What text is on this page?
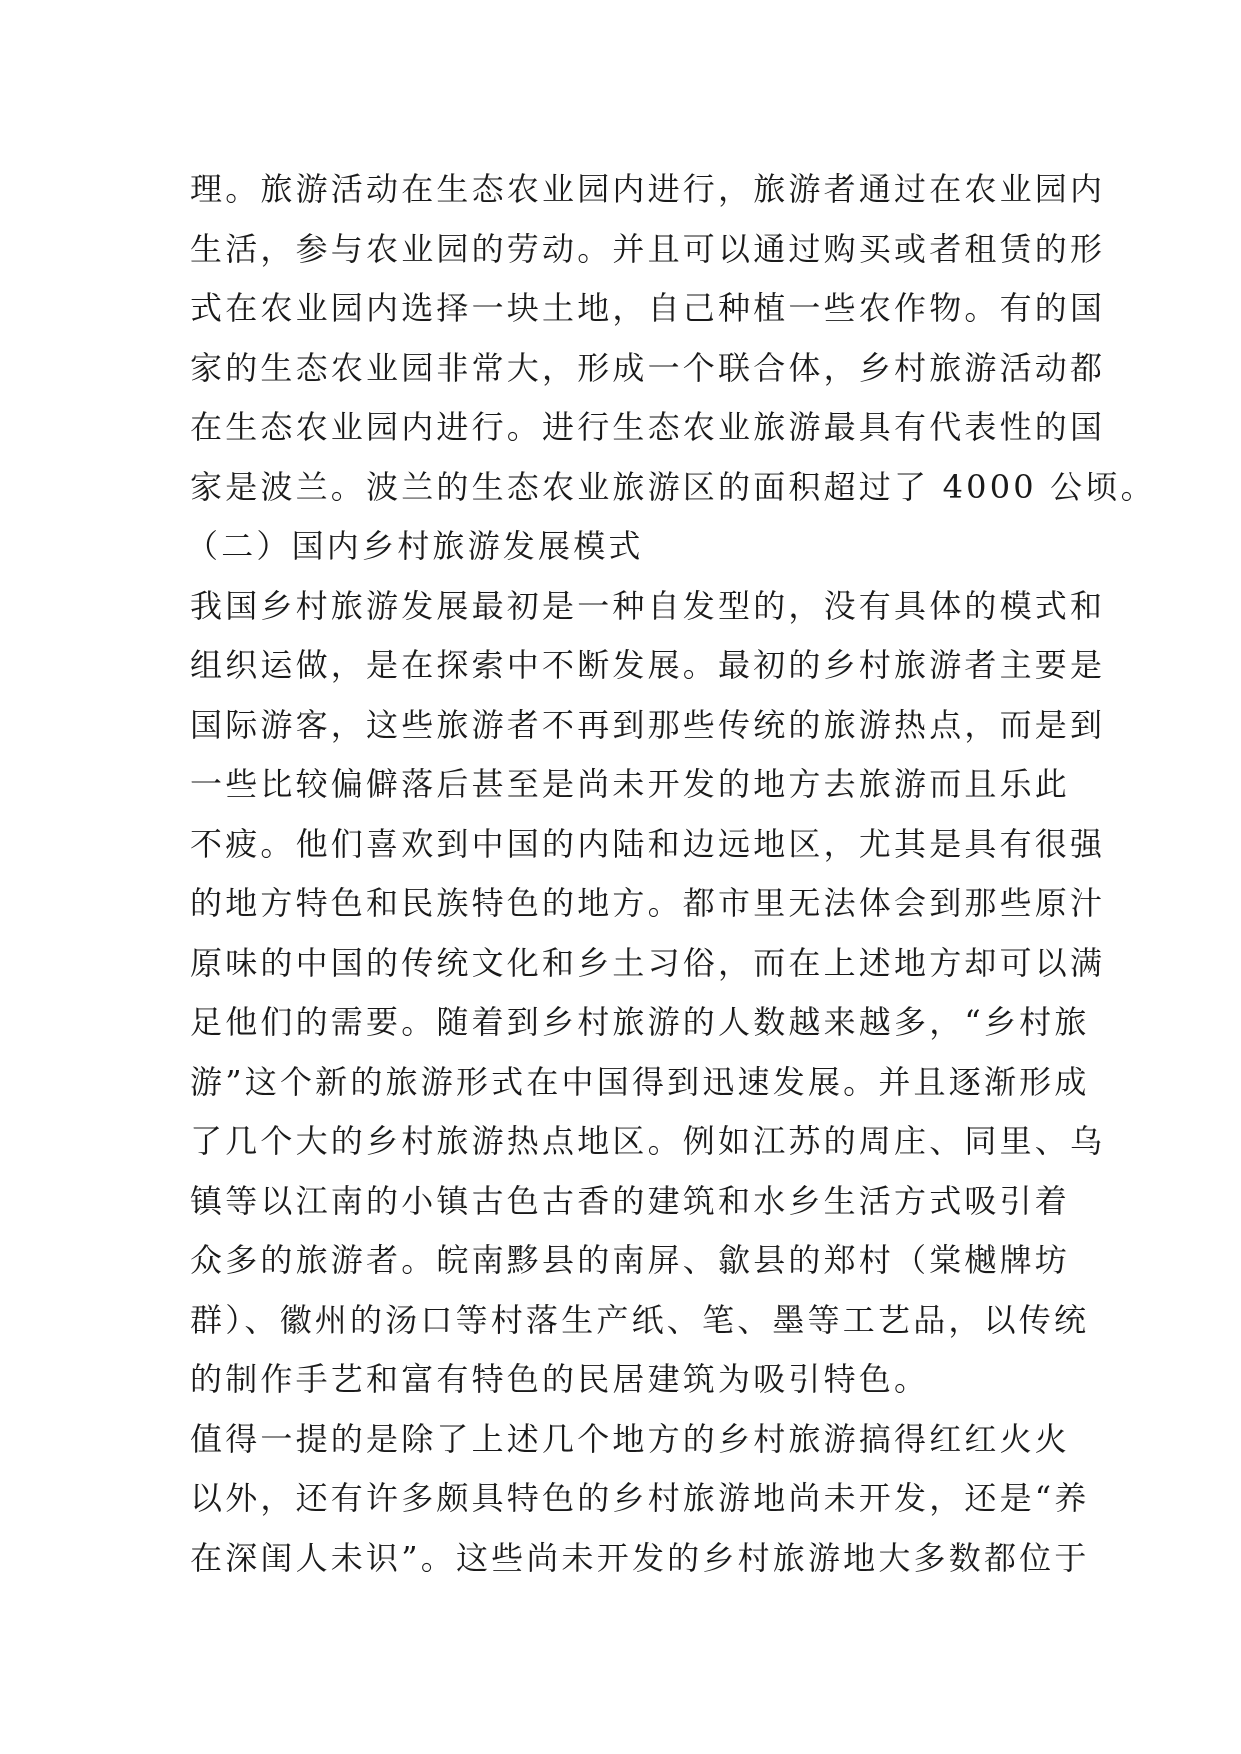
理。旅游活动在生态农业园内进行，旅游者通过在农业园内
生活，参与农业园的劳动。并且可以通过购买或者租赁的形
式在农业园内选择一块土地，自己种植一些农作物。有的国
家的生态农业园非常大，形成一个联合体，乡村旅游活动都
在生态农业园内进行。进行生态农业旅游最具有代表性的国
家是波兰。波兰的生态农业旅游区的面积超过了 4000 公顷。
（二）国内乡村旅游发展模式
我国乡村旅游发展最初是一种自发型的，没有具体的模式和
组织运做，是在探索中不断发展。最初的乡村旅游者主要是
国际游客，这些旅游者不再到那些传统的旅游热点，而是到
一些比较偏僻落后甚至是尚未开发的地方去旅游而且乐此
不疲。他们喜欢到中国的内陆和边远地区，尤其是具有很强
的地方特色和民族特色的地方。都市里无法体会到那些原汁
原味的中国的传统文化和乡土习俗，而在上述地方却可以满
足他们的需要。随着到乡村旅游的人数越来越多，“乡村旅
游”这个新的旅游形式在中国得到迅速发展。并且逐渐形成
了几个大的乡村旅游热点地区。例如江苏的周庄、同里、乌
镇等以江南的小镇古色古香的建筑和水乡生活方式吸引着
众多的旅游者。皖南黟县的南屏、歙县的郑村（棠樾牌坊
群）、徽州的汤口等村落生产纸、笔、墨等工艺品，以传统
的制作手艺和富有特色的民居建筑为吸引特色。
值得一提的是除了上述几个地方的乡村旅游搞得红红火火
以外，还有许多颇具特色的乡村旅游地尚未开发，还是“养
在深闺人未识”。这些尚未开发的乡村旅游地大多数都位于
